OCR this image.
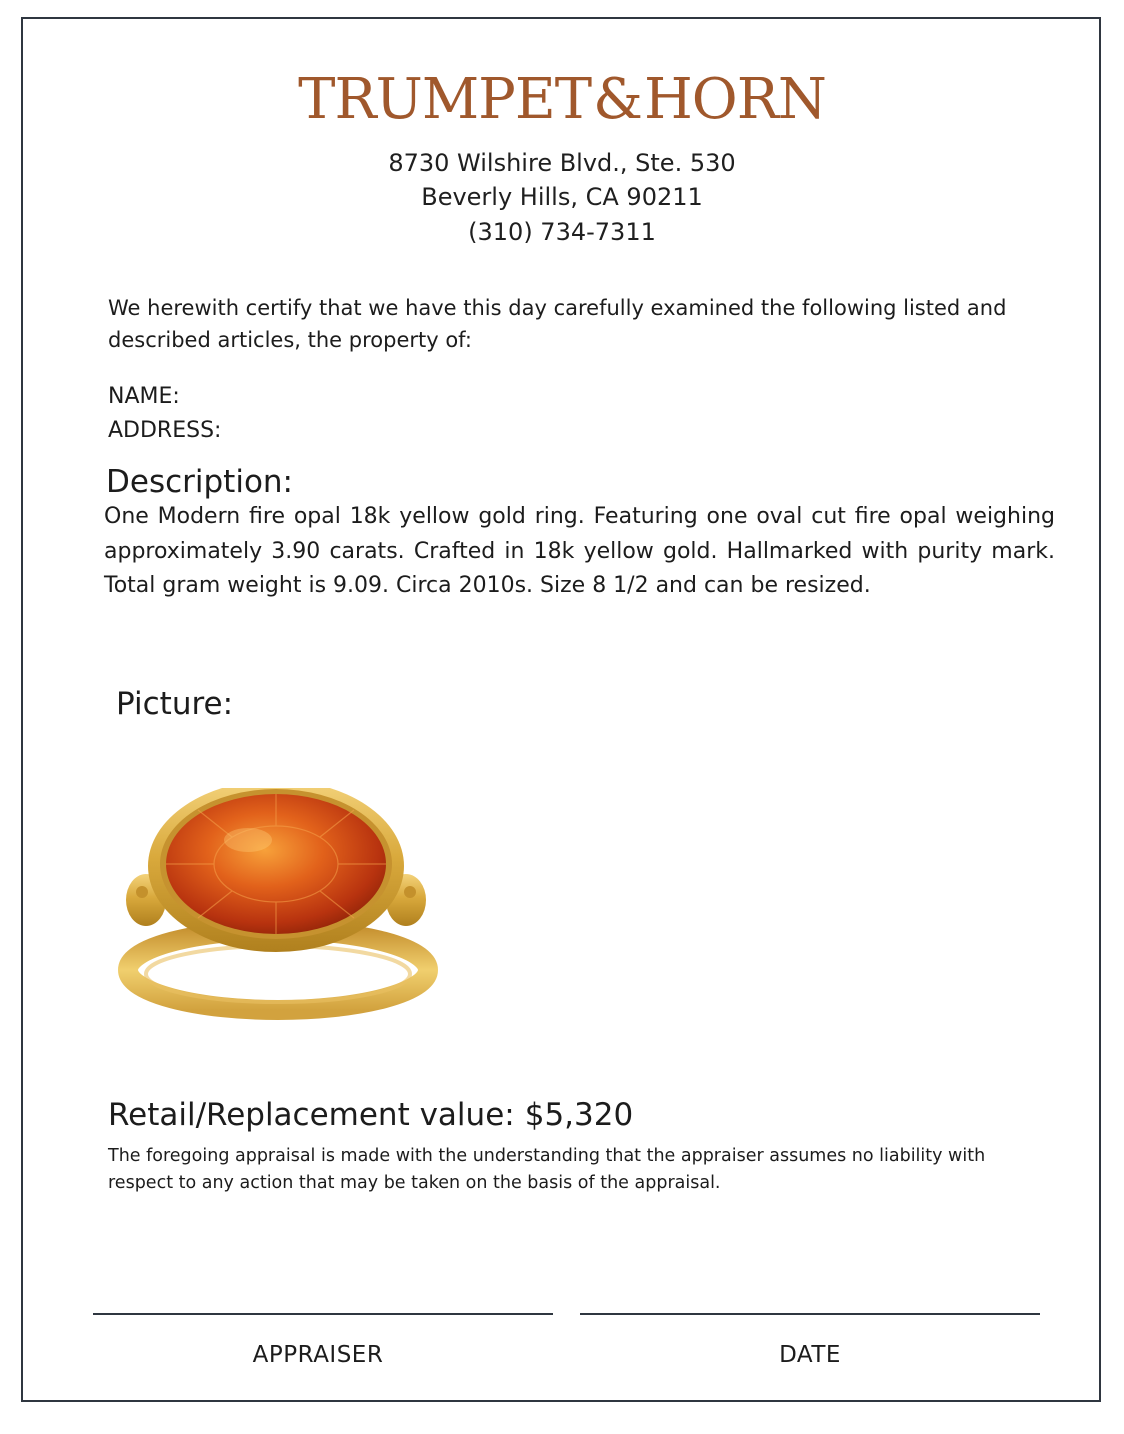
TRUMPET&HORN
8730 Wilshire Blvd., Ste. 530
Beverly Hills, CA 90211
(310) 734-7311
We herewith certify that we have this day carefully examined the following listed and described articles, the property of:
NAME:
ADDRESS:
Description:
One Modern fire opal 18k yellow gold ring. Featuring one oval cut fire opal weighing approximately 3.90 carats. Crafted in 18k yellow gold. Hallmarked with purity mark. Total gram weight is 9.09. Circa 2010s. Size 8 1/2 and can be resized.
Picture:
Retail/Replacement value: $5,320
The foregoing appraisal is made with the understanding that the appraiser assumes no liability with respect to any action that may be taken on the basis of the appraisal.
APPRAISER	DATE
